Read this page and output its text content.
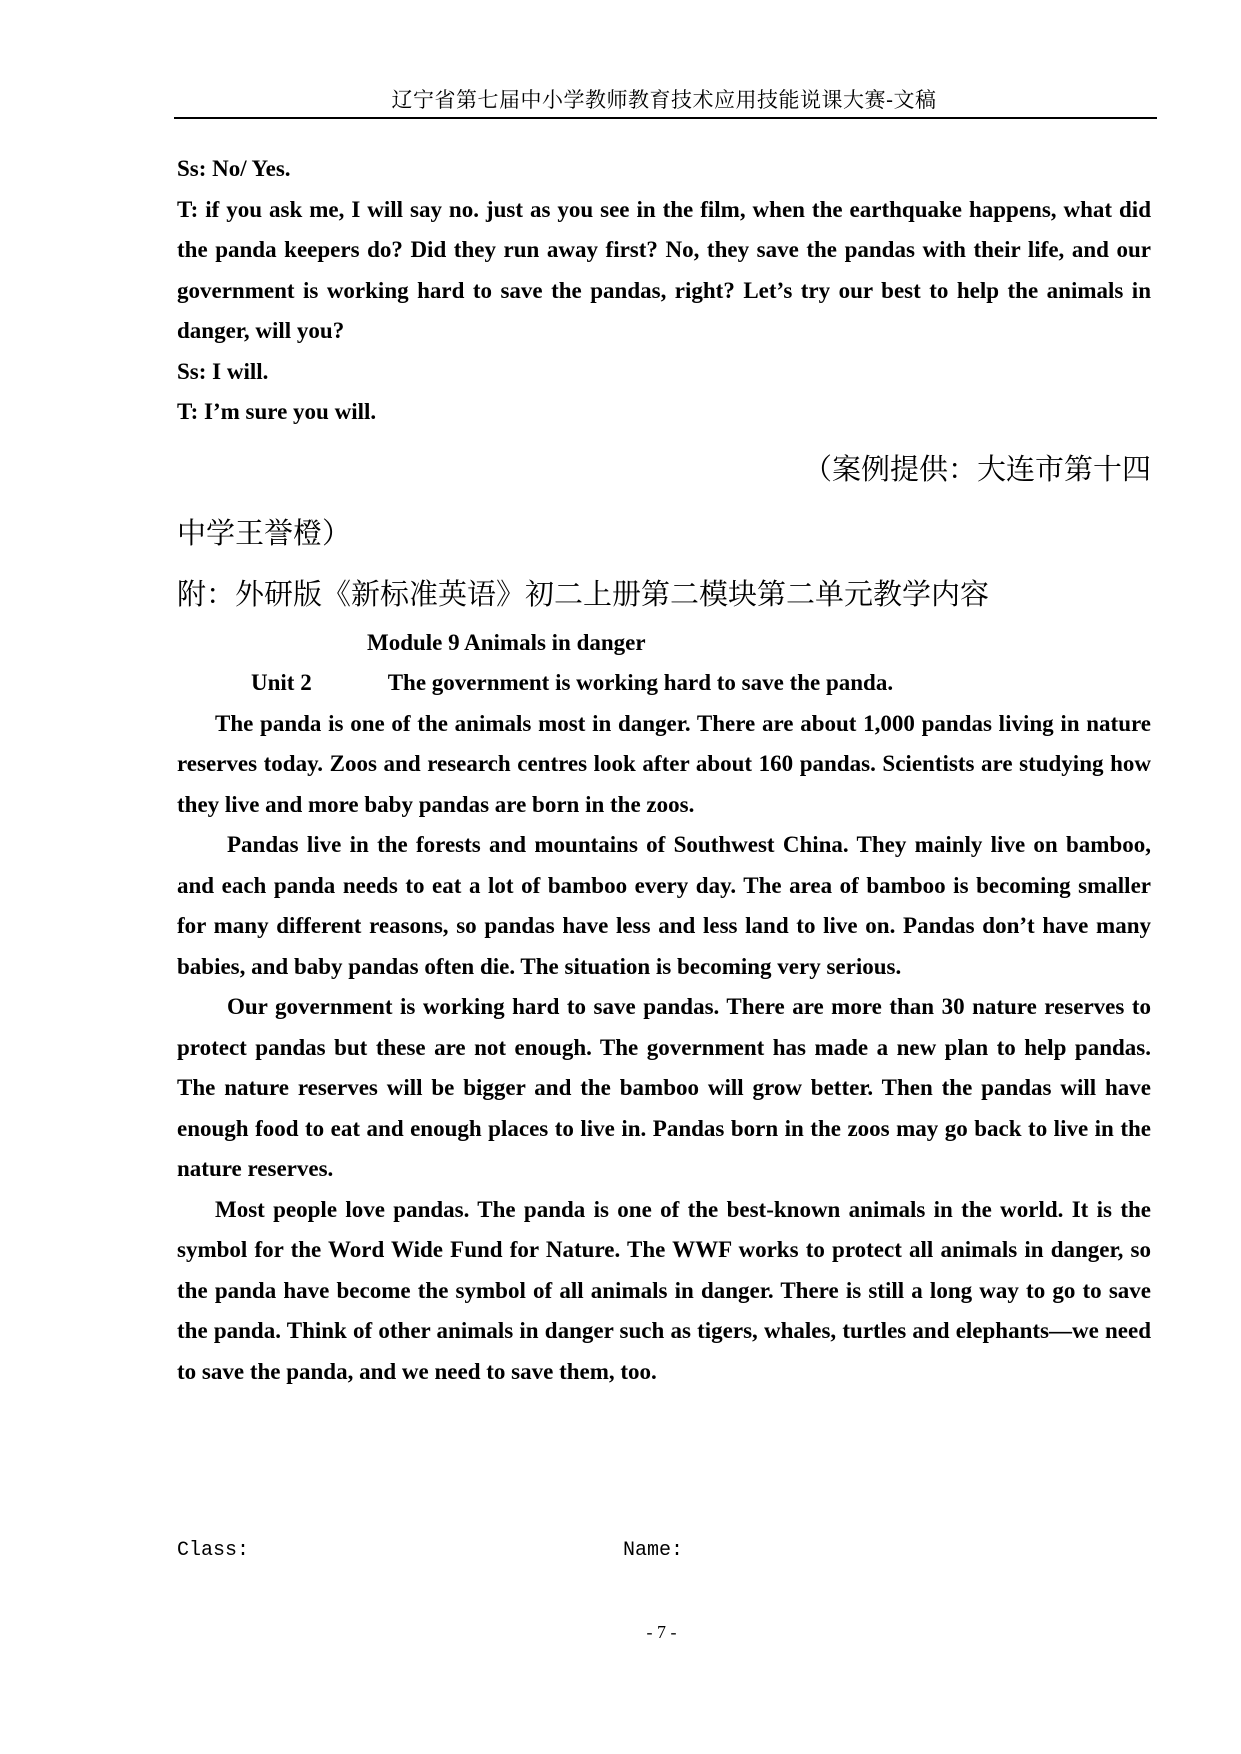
辽宁省第七届中小学教师教育技术应用技能说课大赛-文稿

Ss: No/ Yes.

T: if you ask me, I will say no. just as you see in the film, when the earthquake happens, what did the panda keepers do? Did they run away first? No, they save the pandas with their life, and our government is working hard to save the pandas, right? Let’s try our best to help the animals in danger, will you?

Ss: I will.

T: I’m sure you will.

（案例提供：大连市第十四

中学王誉橙）

附：外研版《新标准英语》初二上册第二模块第二单元教学内容

Module 9 Animals in danger

Unit 2	The government is working hard to save the panda.

The panda is one of the animals most in danger. There are about 1,000 pandas living in nature reserves today. Zoos and research centres look after about 160 pandas. Scientists are studying how they live and more baby pandas are born in the zoos.

Pandas live in the forests and mountains of Southwest China. They mainly live on bamboo, and each panda needs to eat a lot of bamboo every day. The area of bamboo is becoming smaller for many different reasons, so pandas have less and less land to live on. Pandas don’t have many babies, and baby pandas often die. The situation is becoming very serious.

Our government is working hard to save pandas. There are more than 30 nature reserves to protect pandas but these are not enough. The government has made a new plan to help pandas. The nature reserves will be bigger and the bamboo will grow better. Then the pandas will have enough food to eat and enough places to live in. Pandas born in the zoos may go back to live in the nature reserves.

Most people love pandas. The panda is one of the best-known animals in the world. It is the symbol for the Word Wide Fund for Nature. The WWF works to protect all animals in danger, so the panda have become the symbol of all animals in danger. There is still a long way to go to save the panda. Think of other animals in danger such as tigers, whales, turtles and elephants—we need to save the panda, and we need to save them, too.

Class:	Name:
- 7 -
